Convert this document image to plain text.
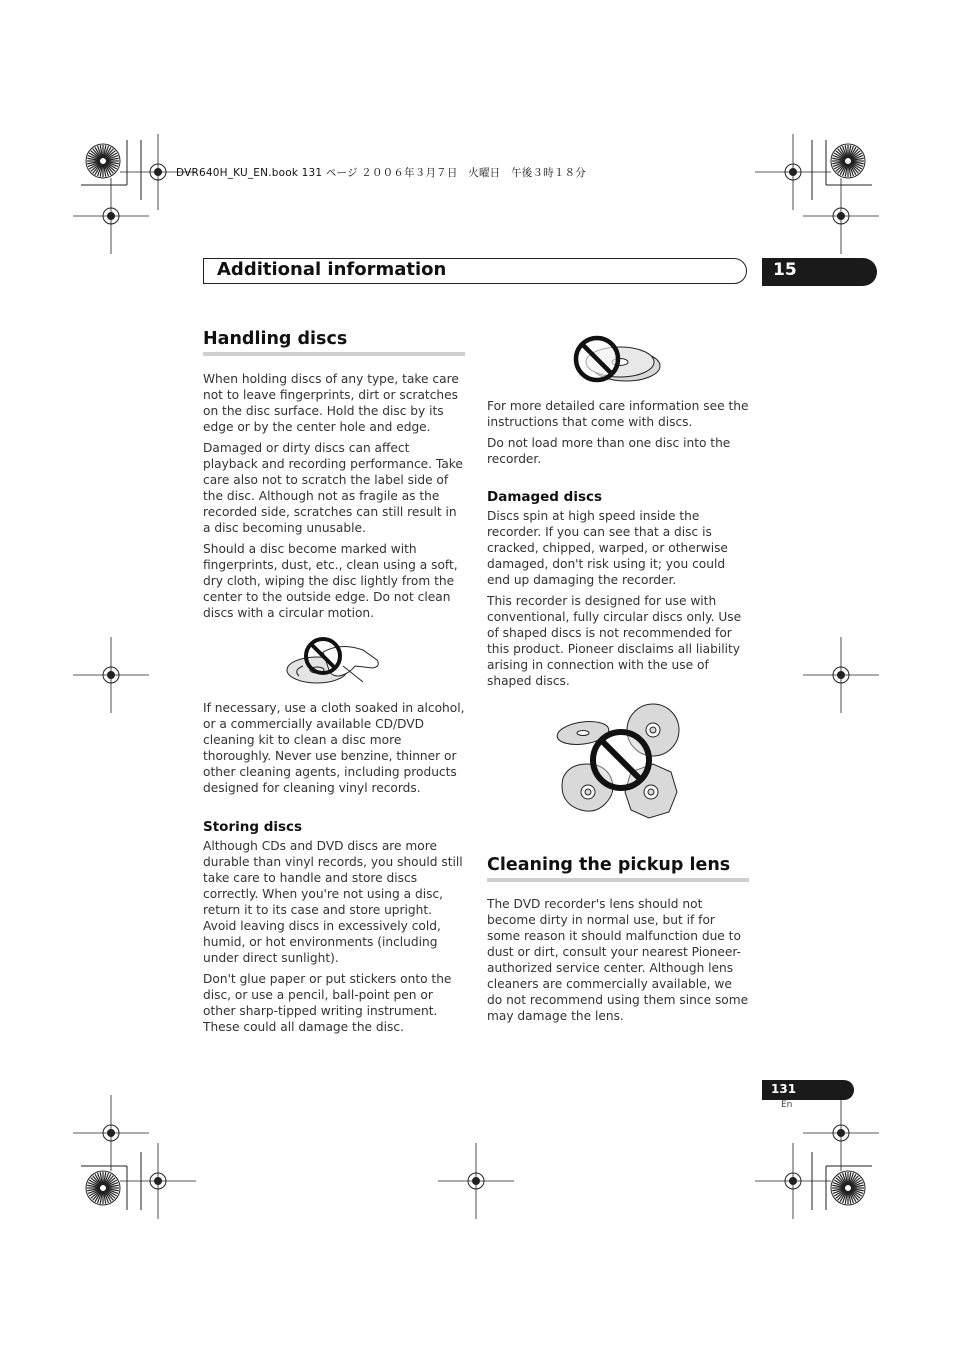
DVR640H_KU_EN.book 131 ページ ２００６年３月７日　火曜日　午後３時１８分
Additional information	15
Handling discs

When holding discs of any type, take care not to leave fingerprints, dirt or scratches on the disc surface. Hold the disc by its edge or by the center hole and edge.

Damaged or dirty discs can affect playback and recording performance. Take care also not to scratch the label side of the disc. Although not as fragile as the recorded side, scratches can still result in a disc becoming unusable.

Should a disc become marked with fingerprints, dust, etc., clean using a soft, dry cloth, wiping the disc lightly from the center to the outside edge. Do not clean discs with a circular motion.

If necessary, use a cloth soaked in alcohol, or a commercially available CD/DVD cleaning kit to clean a disc more thoroughly. Never use benzine, thinner or other cleaning agents, including products designed for cleaning vinyl records.

Storing discs

Although CDs and DVD discs are more durable than vinyl records, you should still take care to handle and store discs correctly. When you're not using a disc, return it to its case and store upright. Avoid leaving discs in excessively cold, humid, or hot environments (including under direct sunlight).

Don't glue paper or put stickers onto the disc, or use a pencil, ball-point pen or other sharp-tipped writing instrument. These could all damage the disc.

For more detailed care information see the instructions that come with discs.

Do not load more than one disc into the recorder.

Damaged discs

Discs spin at high speed inside the recorder. If you can see that a disc is cracked, chipped, warped, or otherwise damaged, don't risk using it; you could end up damaging the recorder.

This recorder is designed for use with conventional, fully circular discs only. Use of shaped discs is not recommended for this product. Pioneer disclaims all liability arising in connection with the use of shaped discs.

Cleaning the pickup lens

The DVD recorder's lens should not become dirty in normal use, but if for some reason it should malfunction due to dust or dirt, consult your nearest Pioneer-authorized service center. Although lens cleaners are commercially available, we do not recommend using them since some may damage the lens.

131
En
